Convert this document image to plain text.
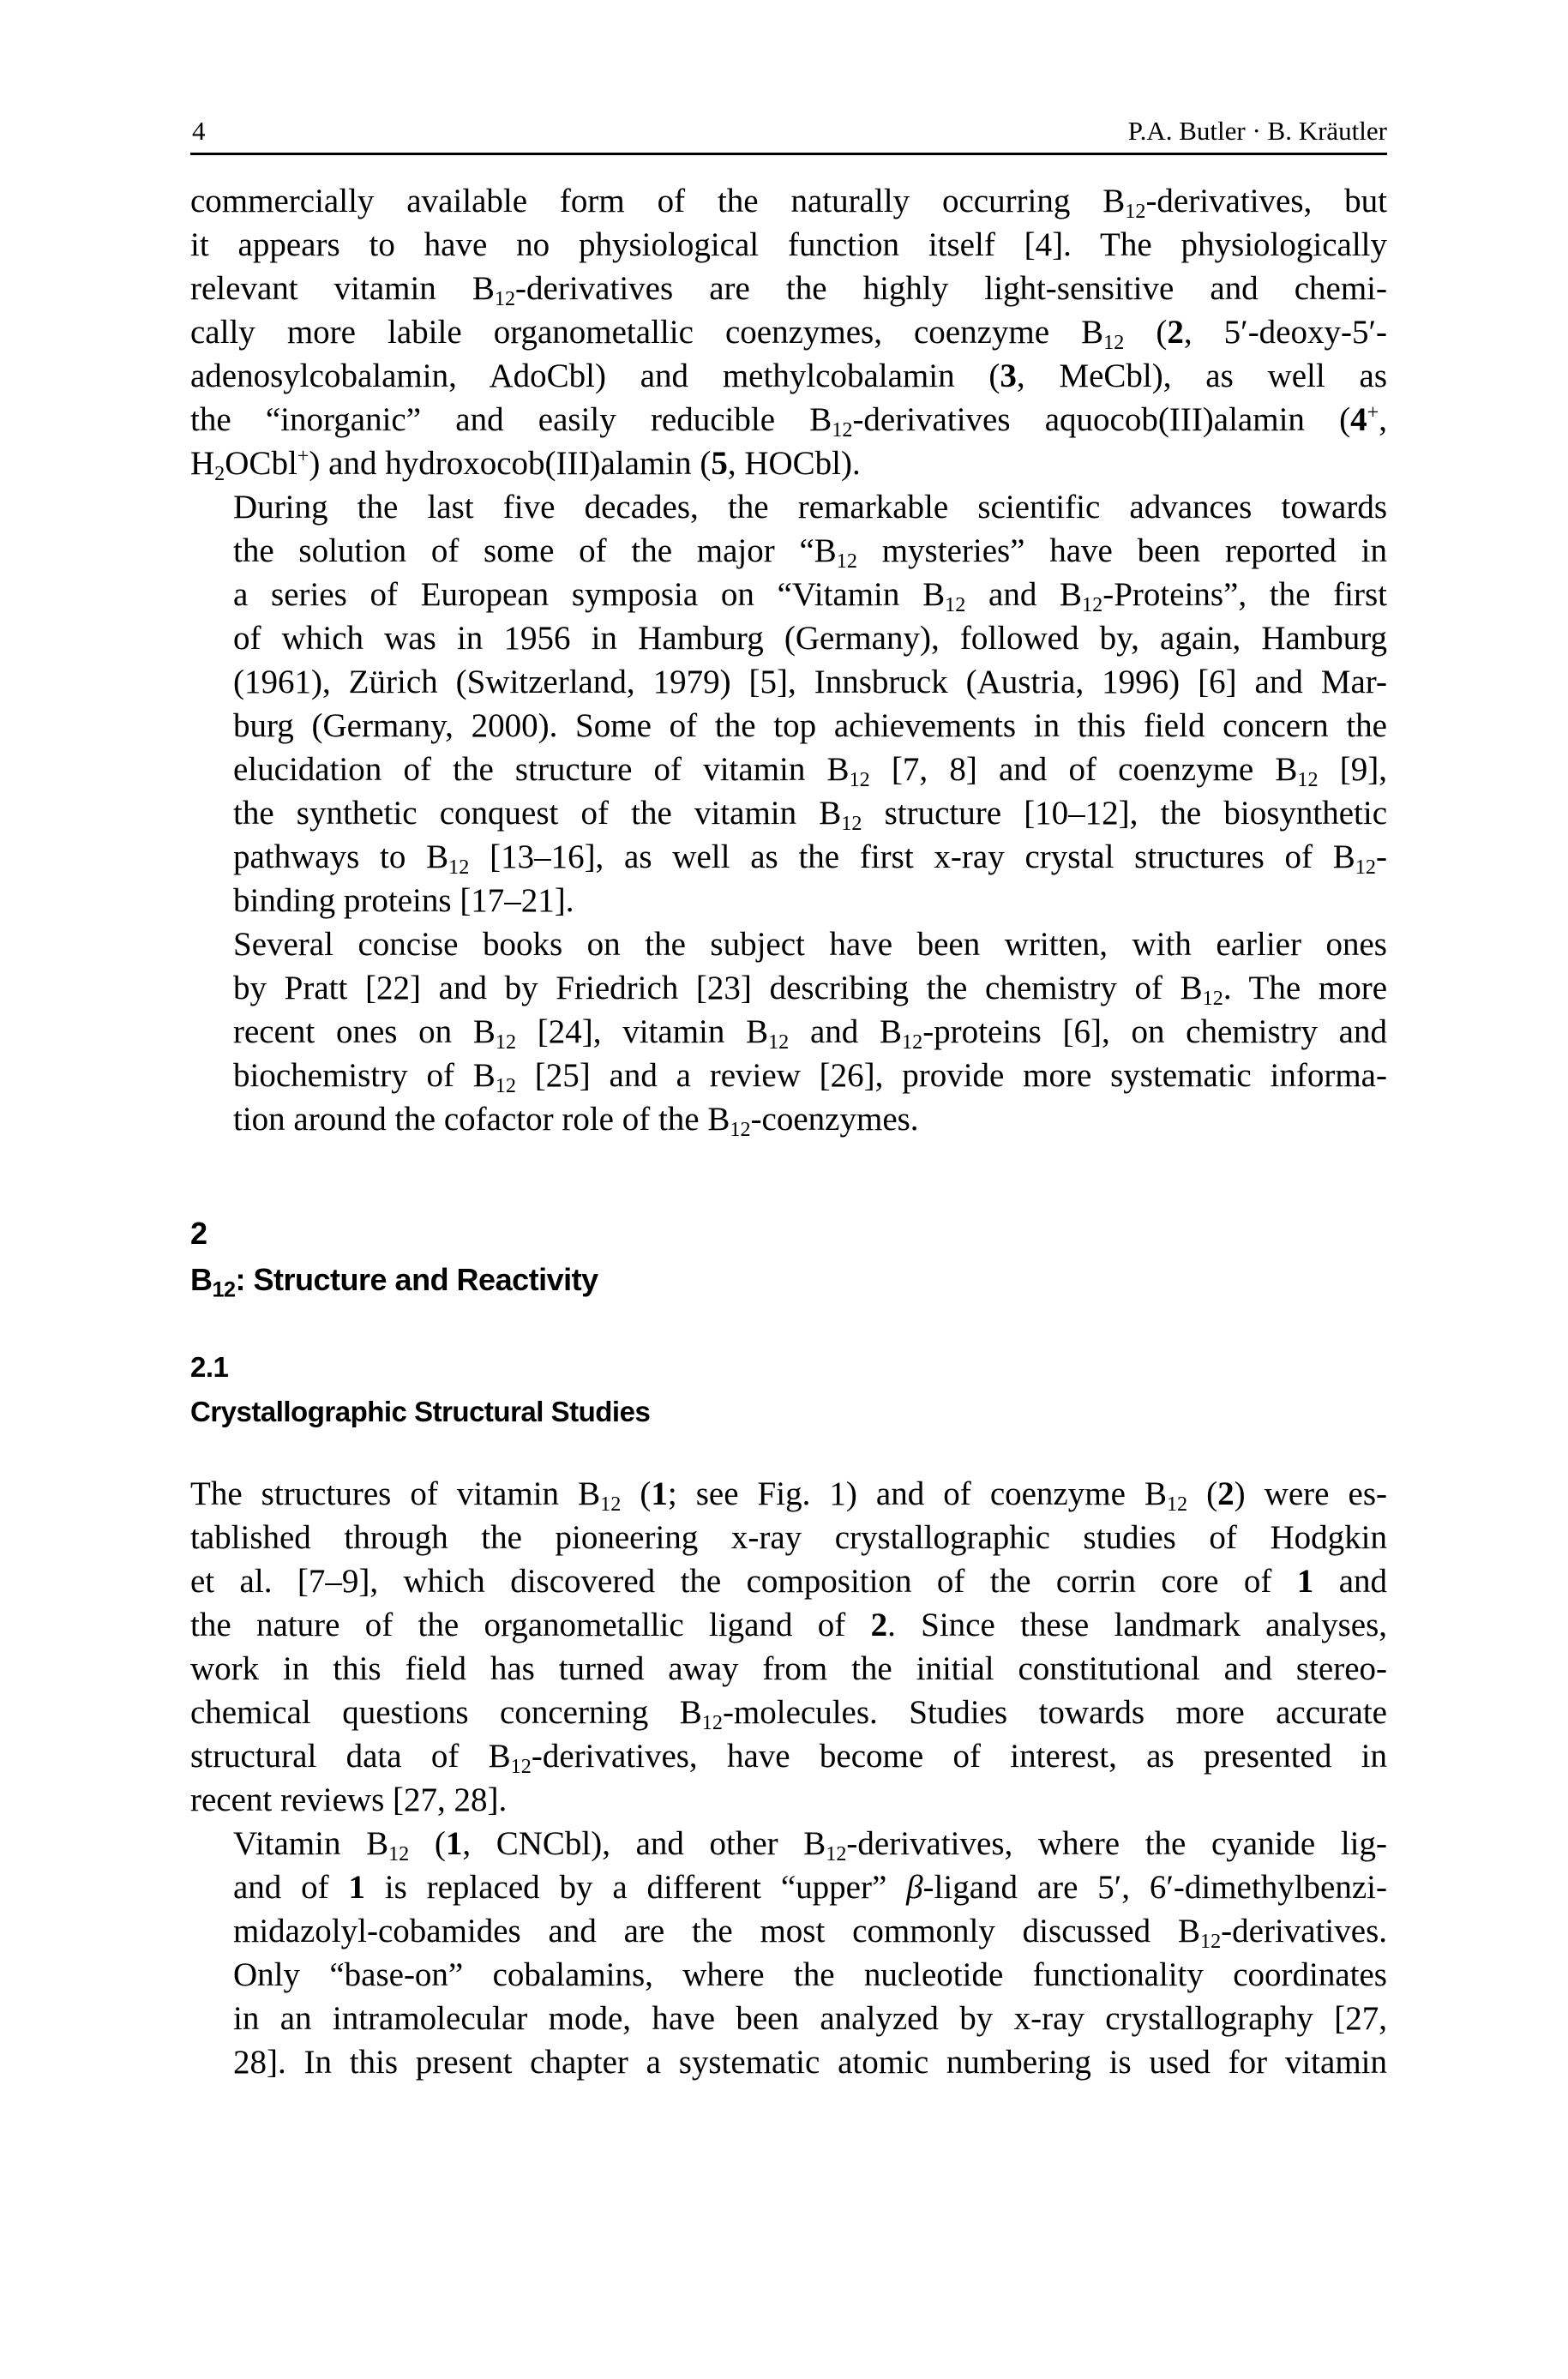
4	P.A. Butler · B. Kräutler
commercially available form of the naturally occurring $B_{12}$-derivatives, but
it appears to have no physiological function itself [4]. The physiologically
relevant vitamin $B_{12}$-derivatives are the highly light-sensitive and chemi-
cally more labile organometallic coenzymes, coenzyme $B_{12}$ (2, 5′-deoxy-5′-
adenosylcobalamin, AdoCbl) and methylcobalamin (3, MeCbl), as well as
the “inorganic” and easily reducible $B_{12}$-derivatives aquocob(III)alamin (4+,
$H_2OCbl^+$) and hydroxocob(III)alamin (5, HOCbl).
During the last five decades, the remarkable scientific advances towards
the solution of some of the major “$B_{12}$ mysteries” have been reported in
a series of European symposia on “Vitamin $B_{12}$ and $B_{12}$-Proteins”, the first
of which was in 1956 in Hamburg (Germany), followed by, again, Hamburg
(1961), Zürich (Switzerland, 1979) [5], Innsbruck (Austria, 1996) [6] and Mar-
burg (Germany, 2000). Some of the top achievements in this field concern the
elucidation of the structure of vitamin $B_{12}$ [7, 8] and of coenzyme $B_{12}$ [9],
the synthetic conquest of the vitamin $B_{12}$ structure [10–12], the biosynthetic
pathways to $B_{12}$ [13–16], as well as the first x-ray crystal structures of $B_{12}-$
binding proteins [17–21].
Several concise books on the subject have been written, with earlier ones
by Pratt [22] and by Friedrich [23] describing the chemistry of $B_{12}$. The more
recent ones on $B_{12}$ [24], vitamin $B_{12}$ and $B_{12}$-proteins [6], on chemistry and
biochemistry of $B_{12}$ [25] and a review [26], provide more systematic informa-
tion around the cofactor role of the $B_{12}$-coenzymes.
2
$B_{12}$: Structure and Reactivity
2.1
Crystallographic Structural Studies
The structures of vitamin $B_{12}$ (1; see Fig. 1) and of coenzyme $B_{12}$ (2) were es-
tablished through the pioneering x-ray crystallographic studies of Hodgkin
et al. [7–9], which discovered the composition of the corrin core of 1 and
the nature of the organometallic ligand of 2. Since these landmark analyses,
work in this field has turned away from the initial constitutional and stereo-
chemical questions concerning $B_{12}$-molecules. Studies towards more accurate
structural data of $B_{12}$-derivatives, have become of interest, as presented in
recent reviews [27, 28].
Vitamin $B_{12}$ (1, CNCbl), and other $B_{12}$-derivatives, where the cyanide lig-
and of 1 is replaced by a different “upper” β-ligand are 5′, 6′-dimethylbenzi-
midazolyl-cobamides and are the most commonly discussed $B_{12}$-derivatives.
Only “base-on” cobalamins, where the nucleotide functionality coordinates
in an intramolecular mode, have been analyzed by x-ray crystallography [27,
28]. In this present chapter a systematic atomic numbering is used for vitamin
